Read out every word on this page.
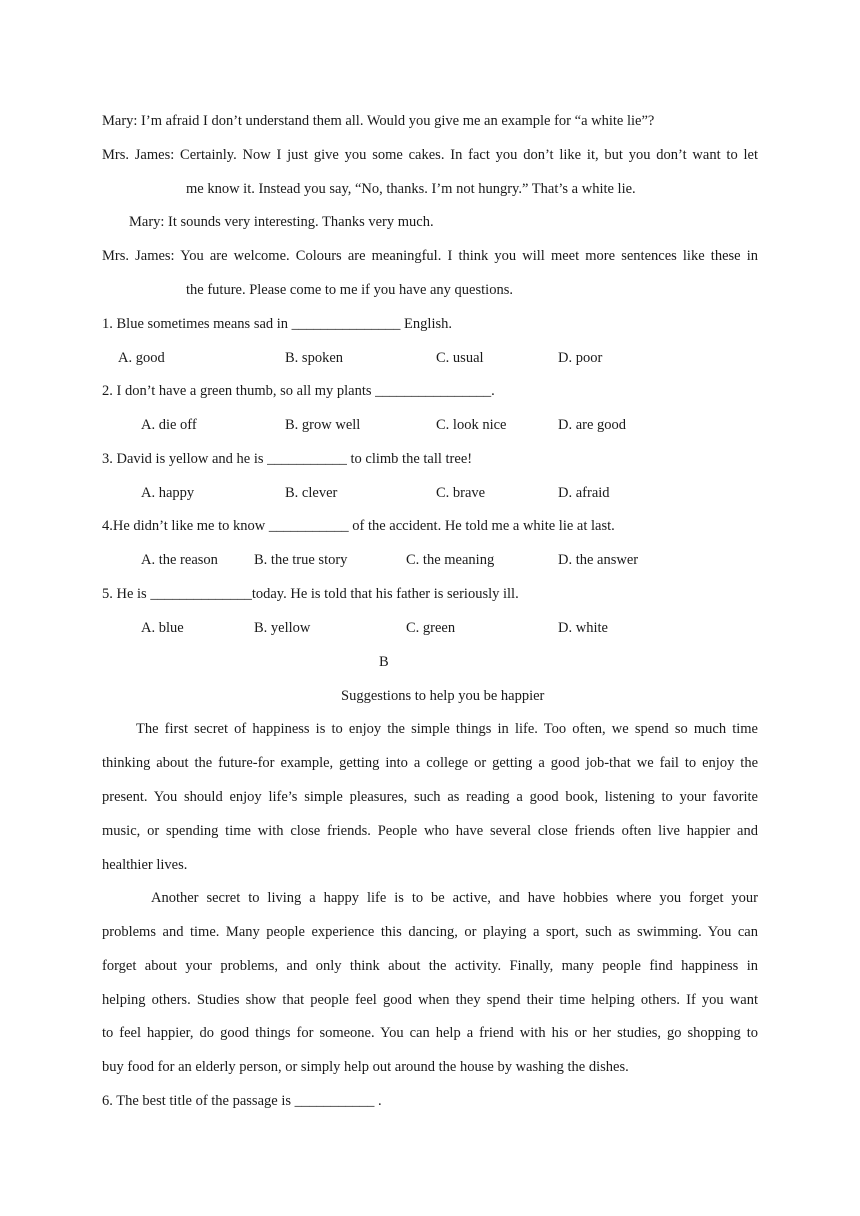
Mary: I’m afraid I don’t understand them all. Would you give me an example for “a white lie”?
Mrs. James: Certainly. Now I just give you some cakes. In fact you don’t like it, but you don’t want to let
me know it. Instead you say, “No, thanks. I’m not hungry.” That’s a white lie.
Mary: It sounds very interesting. Thanks very much.
Mrs. James: You are welcome. Colours are meaningful. I think you will meet more sentences like these in
the future. Please come to me if you have any questions.
1. Blue sometimes means sad in _______________ English.
A. good	B. spoken	C. usual	D. poor
2. I don’t have a green thumb, so all my plants ________________.
A. die off	B. grow well	C. look nice	D. are good
3. David is yellow and he is ___________ to climb the tall tree!
A. happy	B. clever	C. brave	D. afraid
4.He didn’t like me to know ___________ of the accident. He told me a white lie at last.
A. the reason B. the true story	C. the meaning	D. the answer
5. He is ______________today. He is told that his father is seriously ill.
A. blue	B. yellow	C. green	D. white
B
Suggestions to help you be happier
The first secret of happiness is to enjoy the simple things in life. Too often, we spend so much time
thinking about the future-for example, getting into a college or getting a good job-that we fail to enjoy the
present. You should enjoy life’s simple pleasures, such as reading a good book, listening to your favorite
music, or spending time with close friends. People who have several close friends often live happier and
healthier lives.
Another secret to living a happy life is to be active, and have hobbies where you forget your
problems and time. Many people experience this dancing, or playing a sport, such as swimming. You can
forget about your problems, and only think about the activity. Finally, many people find happiness in
helping others. Studies show that people feel good when they spend their time helping others. If you want
to feel happier, do good things for someone. You can help a friend with his or her studies, go shopping to
buy food for an elderly person, or simply help out around the house by washing the dishes.
6. The best title of the passage is ___________ .
